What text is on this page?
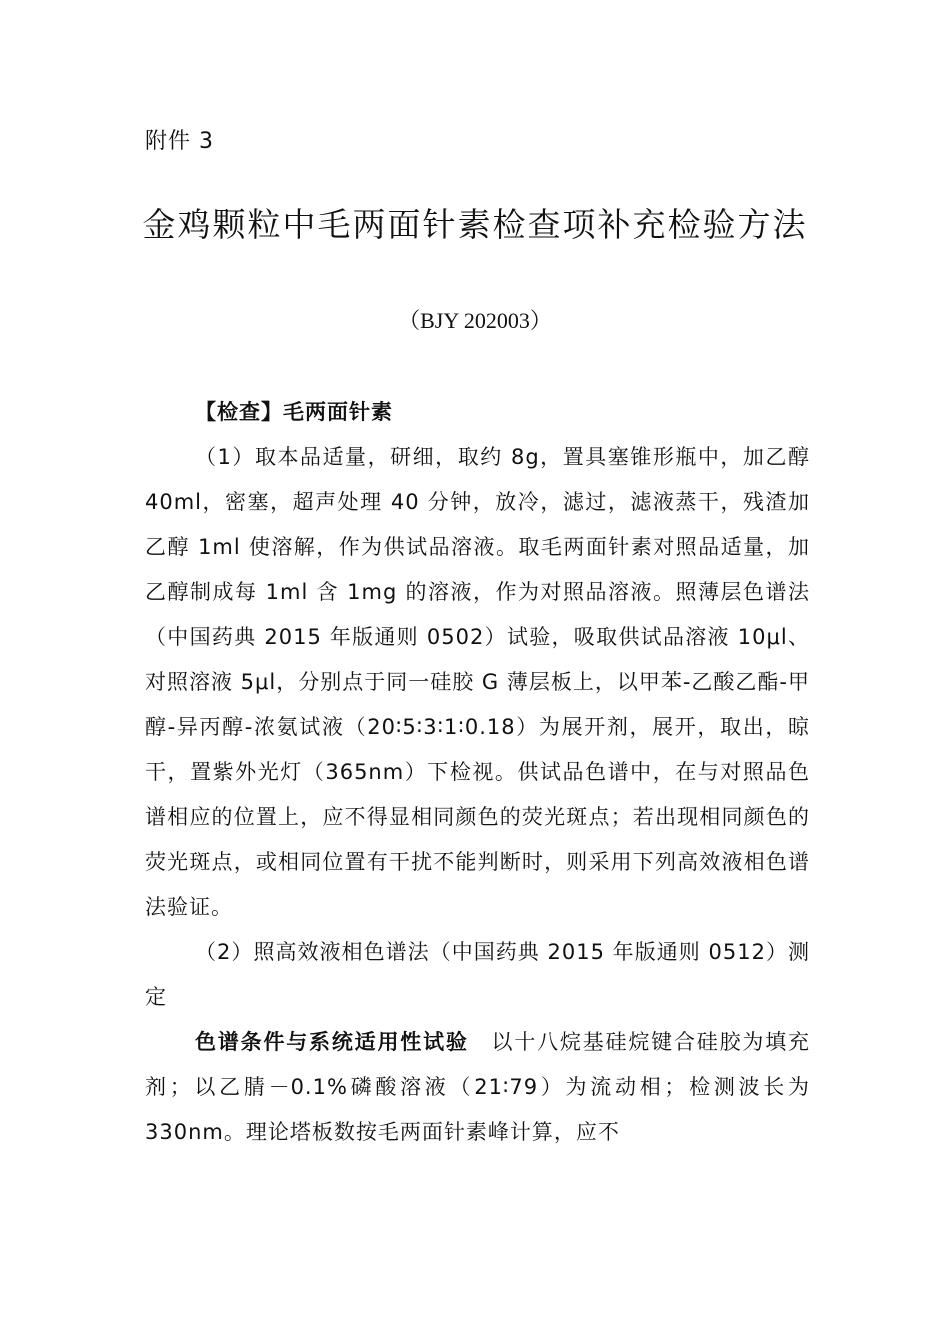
附件 3
金鸡颗粒中毛两面针素检查项补充检验方法
（BJY 202003）

【检查】毛两面针素

（1）取本品适量，研细，取约 8g，置具塞锥形瓶中，加乙醇 40ml，密塞，超声处理 40 分钟，放冷，滤过，滤液蒸干，残渣加乙醇 1ml 使溶解，作为供试品溶液。取毛两面针素对照品适量，加乙醇制成每 1ml 含 1mg 的溶液，作为对照品溶液。照薄层色谱法（中国药典 2015 年版通则 0502）试验，吸取供试品溶液 10μl、对照溶液 5μl，分别点于同一硅胶 G 薄层板上，以甲苯-乙酸乙酯-甲醇-异丙醇-浓氨试液（20∶5∶3∶1∶0.18）为展开剂，展开，取出，晾干，置紫外光灯（365nm）下检视。供试品色谱中，在与对照品色谱相应的位置上，应不得显相同颜色的荧光斑点；若出现相同颜色的荧光斑点，或相同位置有干扰不能判断时，则采用下列高效液相色谱法验证。

（2）照高效液相色谱法（中国药典 2015 年版通则 0512）测定

色谱条件与系统适用性试验　以十八烷基硅烷键合硅胶为填充剂；以乙腈－0.1%磷酸溶液（21∶79）为流动相；检测波长为 330nm。理论塔板数按毛两面针素峰计算，应不
